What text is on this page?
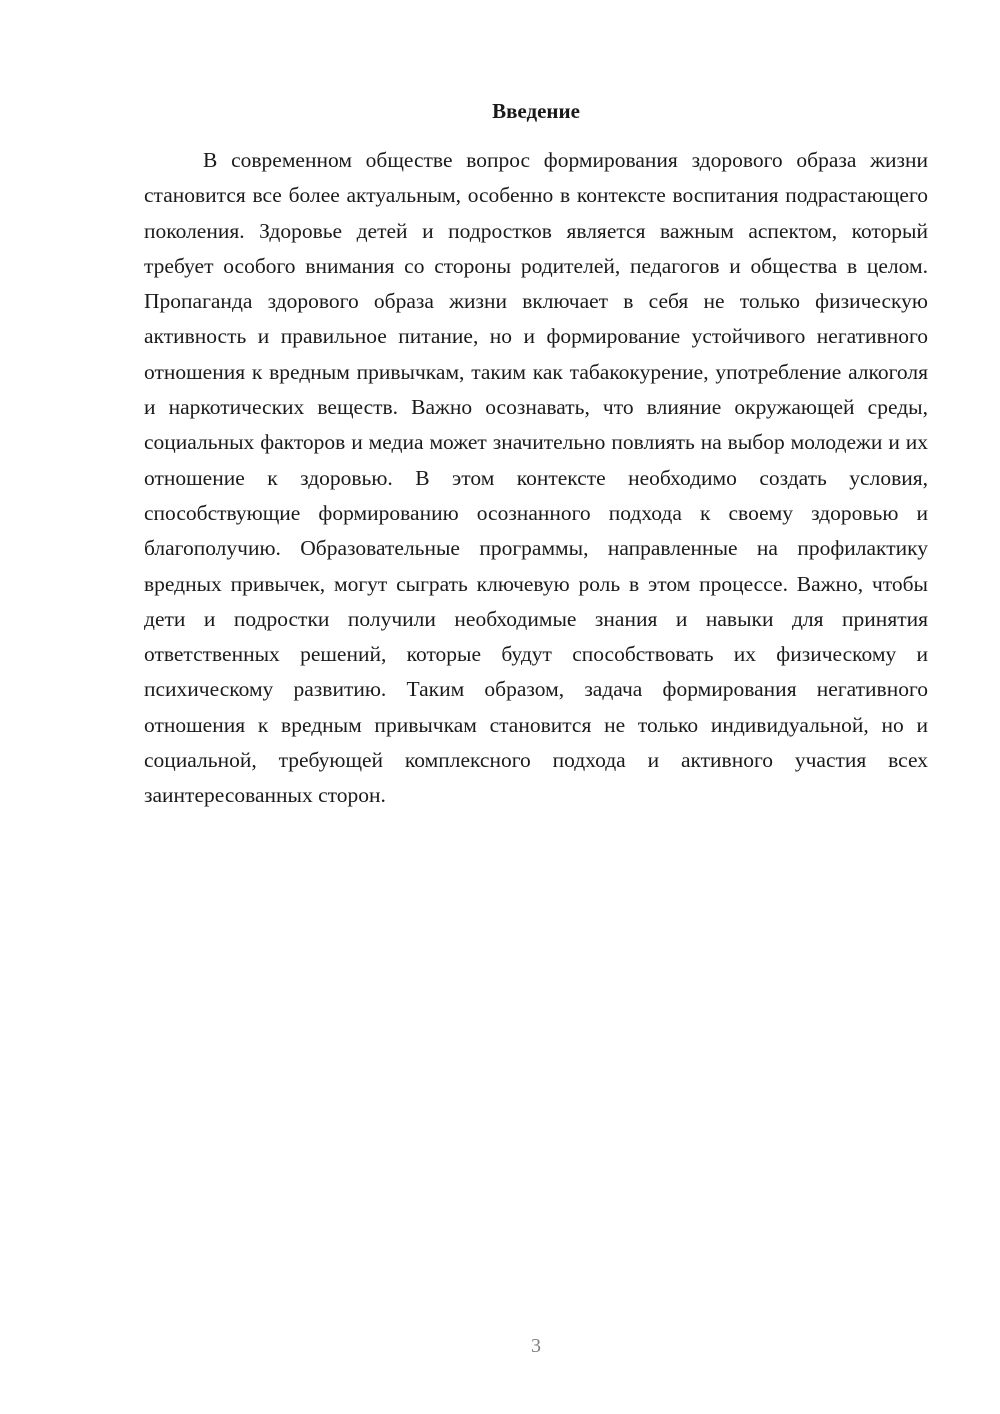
Введение

В современном обществе вопрос формирования здорового образа жизни становится все более актуальным, особенно в контексте воспитания подрастающего поколения. Здоровье детей и подростков является важным аспектом, который требует особого внимания со стороны родителей, педагогов и общества в целом. Пропаганда здорового образа жизни включает в себя не только физическую активность и правильное питание, но и формирование устойчивого негативного отношения к вредным привычкам, таким как табакокурение, употребление алкоголя и наркотических веществ. Важно осознавать, что влияние окружающей среды, социальных факторов и медиа может значительно повлиять на выбор молодежи и их отношение к здоровью. В этом контексте необходимо создать условия, способствующие формированию осознанного подхода к своему здоровью и благополучию. Образовательные программы, направленные на профилактику вредных привычек, могут сыграть ключевую роль в этом процессе. Важно, чтобы дети и подростки получили необходимые знания и навыки для принятия ответственных решений, которые будут способствовать их физическому и психическому развитию. Таким образом, задача формирования негативного отношения к вредным привычкам становится не только индивидуальной, но и социальной, требующей комплексного подхода и активного участия всех заинтересованных сторон.

3
